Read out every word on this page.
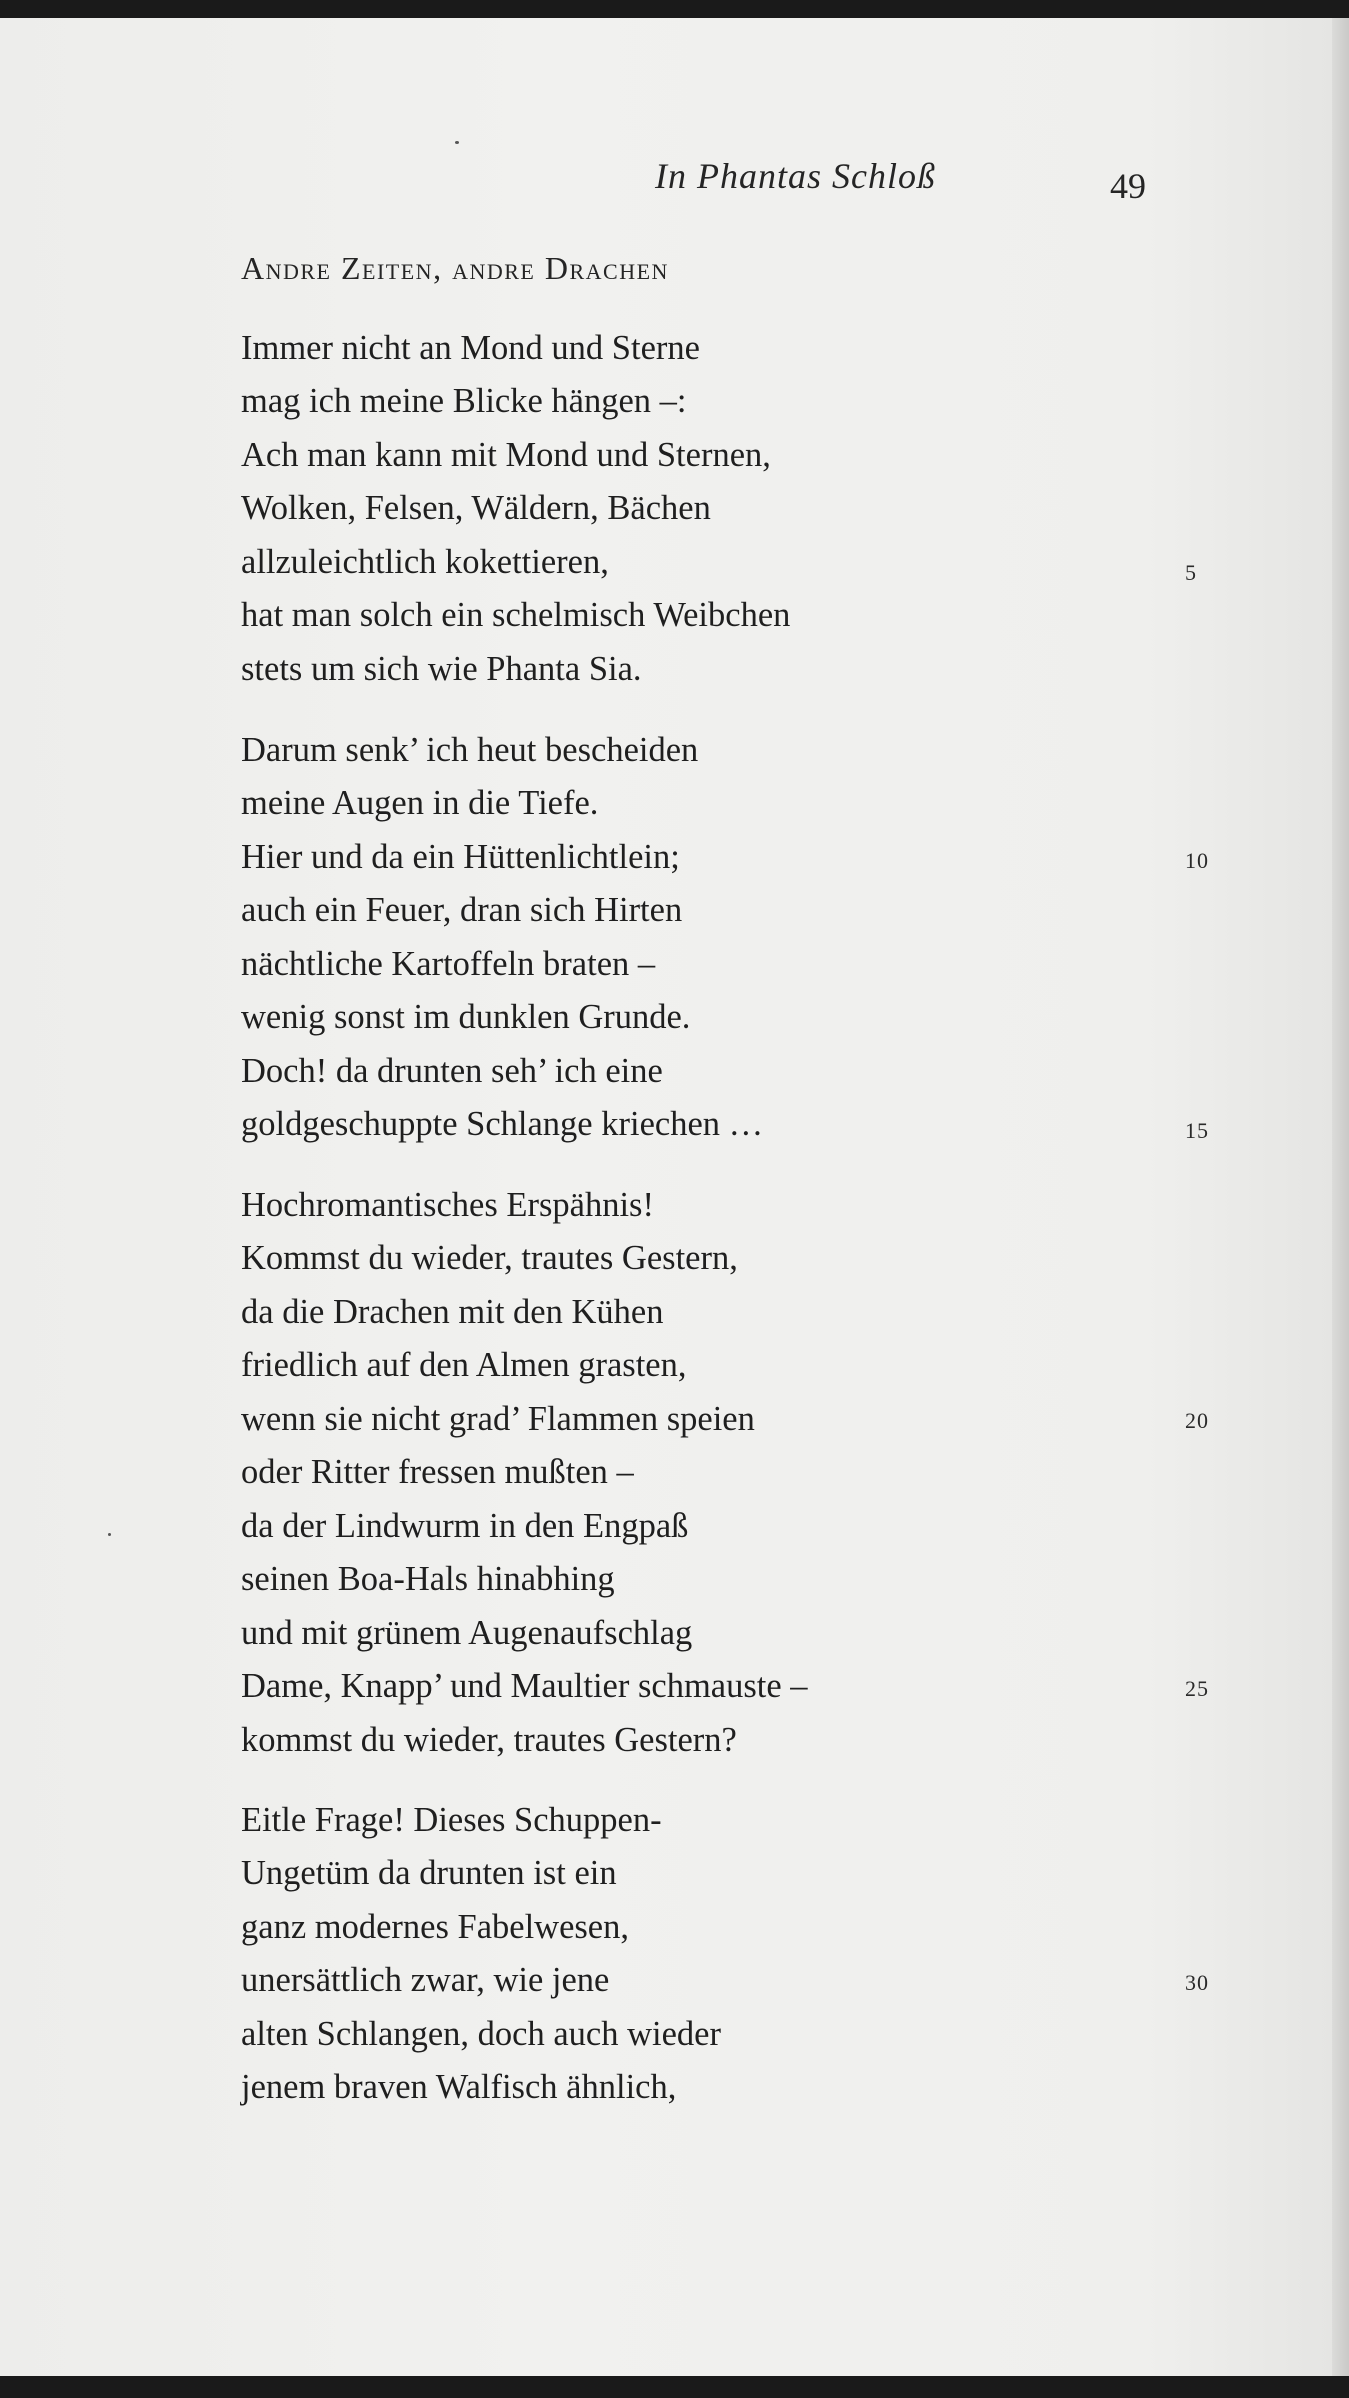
In Phantas Schloß	49
Andre Zeiten, andre Drachen
Immer nicht an Mond und Sterne
mag ich meine Blicke hängen –:
Ach man kann mit Mond und Sternen,
Wolken, Felsen, Wäldern, Bächen
allzuleichtlich kokettieren,
hat man solch ein schelmisch Weibchen
stets um sich wie Phanta Sia.
Darum senk’ ich heut bescheiden
meine Augen in die Tiefe.
Hier und da ein Hüttenlichtlein;
auch ein Feuer, dran sich Hirten
nächtliche Kartoffeln braten –
wenig sonst im dunklen Grunde.
Doch! da drunten seh’ ich eine
goldgeschuppte Schlange kriechen …
Hochromantisches Erspähnis!
Kommst du wieder, trautes Gestern,
da die Drachen mit den Kühen
friedlich auf den Almen grasten,
wenn sie nicht grad’ Flammen speien
oder Ritter fressen mußten –
da der Lindwurm in den Engpaß
seinen Boa-Hals hinabhing
und mit grünem Augenaufschlag
Dame, Knapp’ und Maultier schmauste –
kommst du wieder, trautes Gestern?
Eitle Frage! Dieses Schuppen-
Ungetüm da drunten ist ein
ganz modernes Fabelwesen,
unersättlich zwar, wie jene
alten Schlangen, doch auch wieder
jenem braven Walfisch ähnlich,
5
10
15
20
25
30
